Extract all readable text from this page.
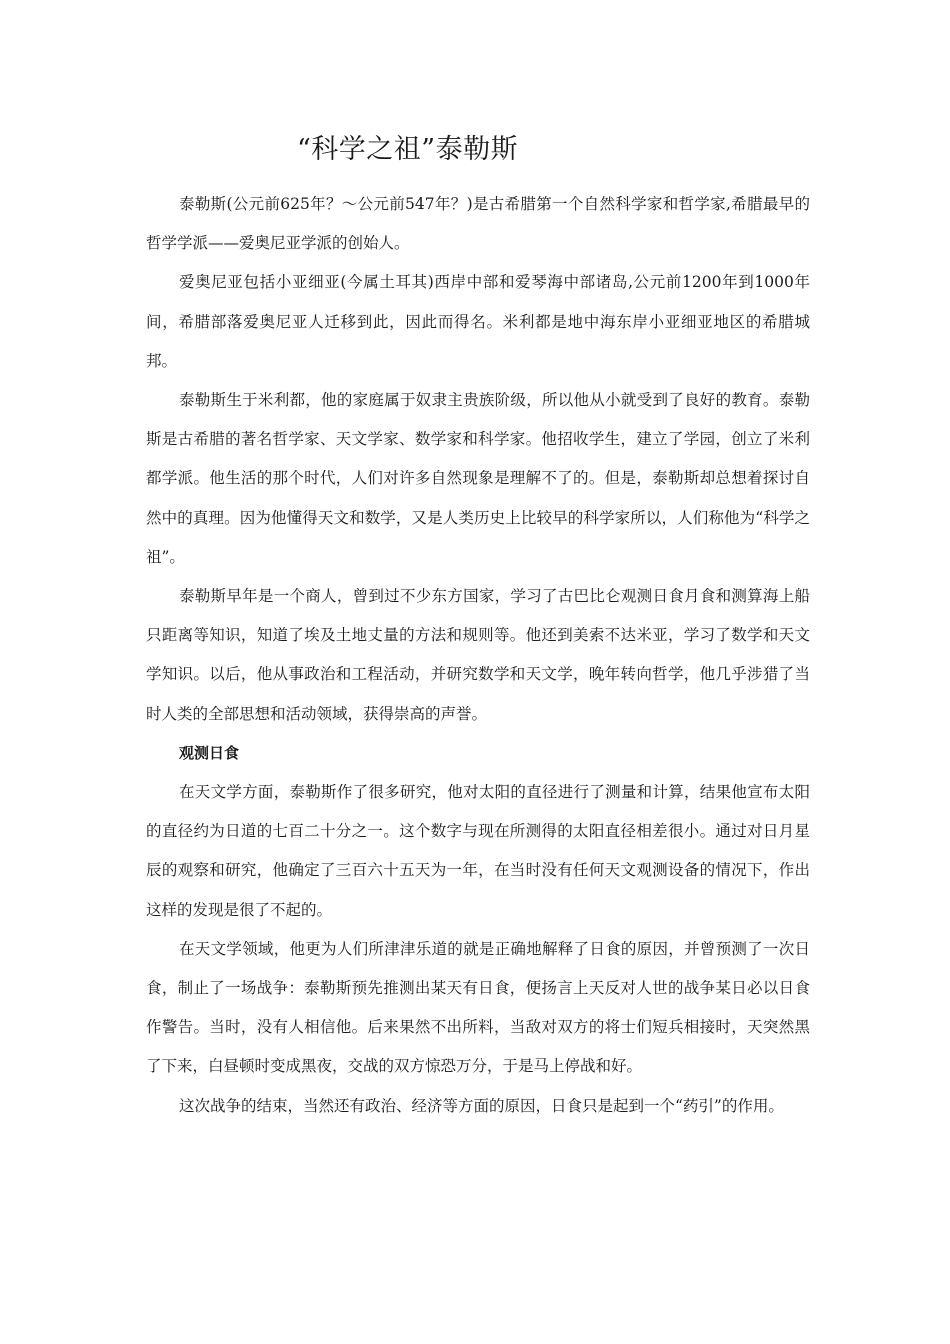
“科学之祖”泰勒斯

泰勒斯(公元前625年？～公元前547年？)是古希腊第一个自然科学家和哲学家,希腊最早的哲学学派——爱奥尼亚学派的创始人。

爱奥尼亚包括小亚细亚(今属土耳其)西岸中部和爱琴海中部诸岛,公元前1200年到1000年间，希腊部落爱奥尼亚人迁移到此，因此而得名。米利都是地中海东岸小亚细亚地区的希腊城邦。

泰勒斯生于米利都，他的家庭属于奴隶主贵族阶级，所以他从小就受到了良好的教育。泰勒斯是古希腊的著名哲学家、天文学家、数学家和科学家。他招收学生，建立了学园，创立了米利都学派。他生活的那个时代，人们对许多自然现象是理解不了的。但是，泰勒斯却总想着探讨自然中的真理。因为他懂得天文和数学，又是人类历史上比较早的科学家所以，人们称他为“科学之祖”。

泰勒斯早年是一个商人，曾到过不少东方国家，学习了古巴比仑观测日食月食和测算海上船只距离等知识，知道了埃及土地丈量的方法和规则等。他还到美索不达米亚，学习了数学和天文学知识。以后，他从事政治和工程活动，并研究数学和天文学，晚年转向哲学，他几乎涉猎了当时人类的全部思想和活动领域，获得崇高的声誉。

观测日食

在天文学方面，泰勒斯作了很多研究，他对太阳的直径进行了测量和计算，结果他宣布太阳的直径约为日道的七百二十分之一。这个数字与现在所测得的太阳直径相差很小。通过对日月星辰的观察和研究，他确定了三百六十五天为一年，在当时没有任何天文观测设备的情况下，作出这样的发现是很了不起的。

在天文学领域，他更为人们所津津乐道的就是正确地解释了日食的原因，并曾预测了一次日食，制止了一场战争：泰勒斯预先推测出某天有日食，便扬言上天反对人世的战争某日必以日食作警告。当时，没有人相信他。后来果然不出所料，当敌对双方的将士们短兵相接时，天突然黑了下来，白昼顿时变成黑夜，交战的双方惊恐万分，于是马上停战和好。

这次战争的结束，当然还有政治、经济等方面的原因，日食只是起到一个“药引”的作用。
